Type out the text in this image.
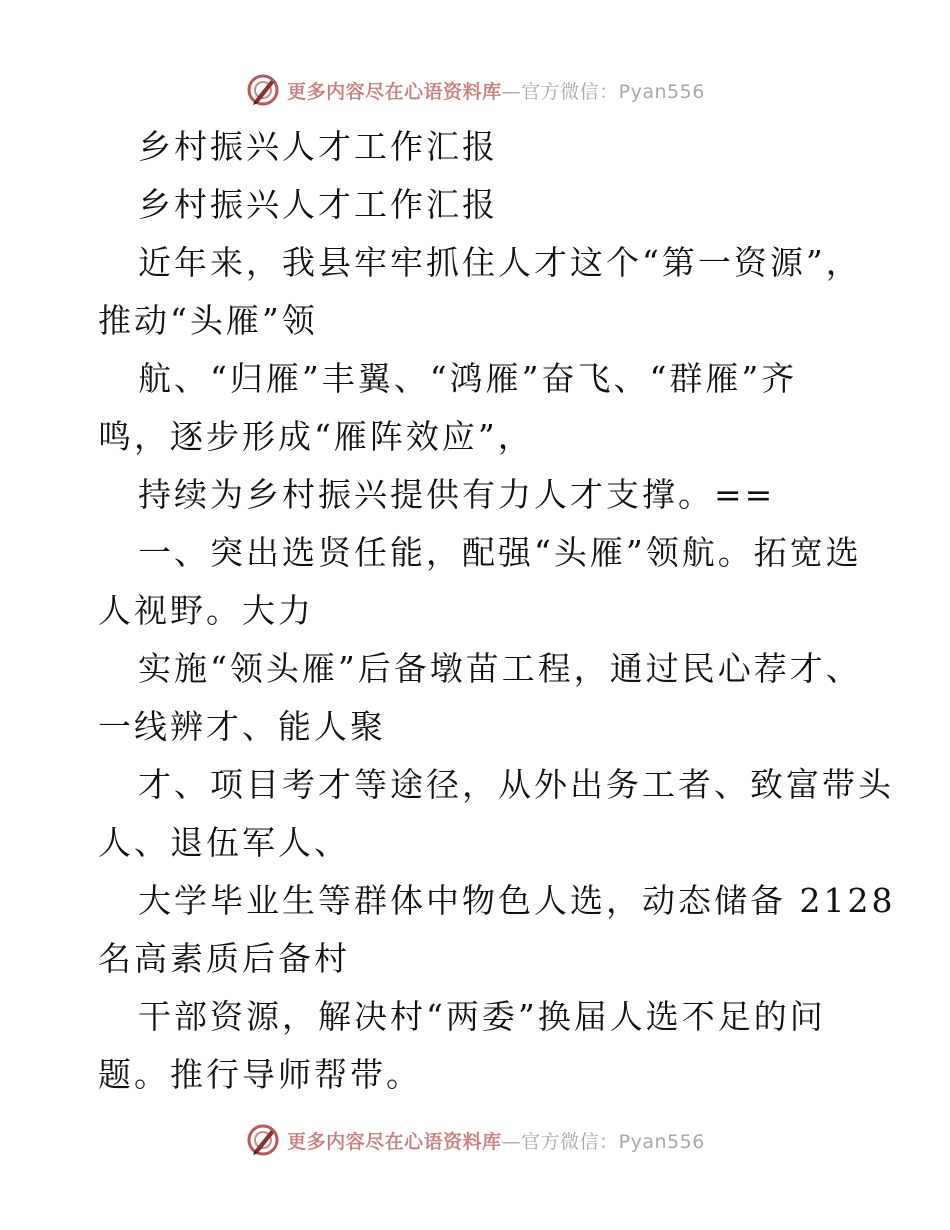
更多内容尽在心语资料库—官方微信：Pyan556
乡村振兴人才工作汇报
乡村振兴人才工作汇报
近年来，我县牢牢抓住人才这个“第一资源”，
推动“头雁”领
航、“归雁”丰翼、“鸿雁”奋飞、“群雁”齐
鸣，逐步形成“雁阵效应”，
持续为乡村振兴提供有力人才支撑。==
一、突出选贤任能，配强“头雁”领航。拓宽选
人视野。大力
实施“领头雁”后备墩苗工程，通过民心荐才、
一线辨才、能人聚
才、项目考才等途径，从外出务工者、致富带头
人、退伍军人、
大学毕业生等群体中物色人选，动态储备 2128
名高素质后备村
干部资源，解决村“两委”换届人选不足的问
题。推行导师帮带。
更多内容尽在心语资料库—官方微信：Pyan556
